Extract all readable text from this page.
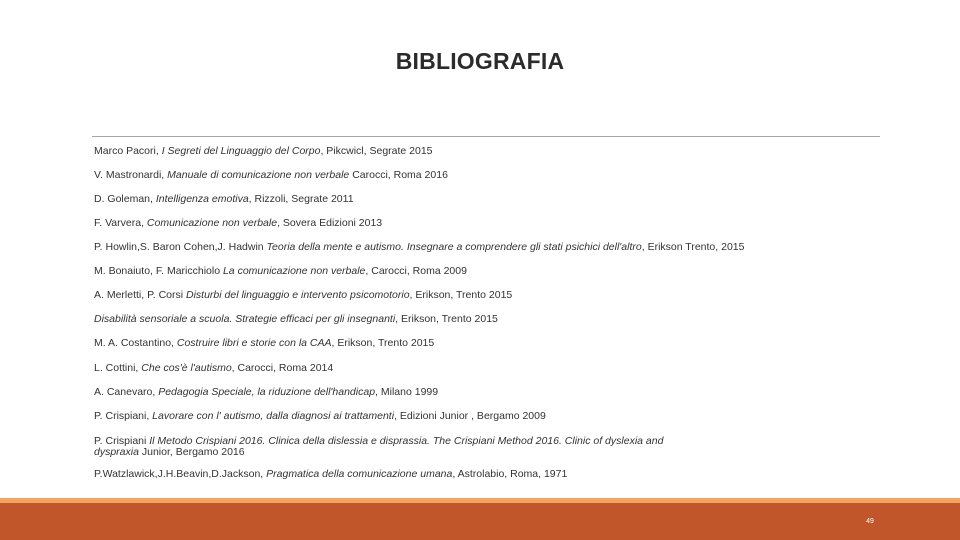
BIBLIOGRAFIA
Marco Pacori, I Segreti del Linguaggio del Corpo, Pikcwicl, Segrate 2015
V. Mastronardi, Manuale di comunicazione non verbale Carocci, Roma 2016
D. Goleman, Intelligenza emotiva, Rizzoli, Segrate 2011
F. Varvera, Comunicazione non verbale, Sovera Edizioni 2013
P. Howlin,S. Baron Cohen,J. Hadwin Teoria della mente e autismo. Insegnare a comprendere gli stati psichici dell'altro, Erikson Trento, 2015
M. Bonaiuto, F. Maricchiolo La comunicazione non verbale, Carocci, Roma 2009
A. Merletti, P. Corsi Disturbi del linguaggio e intervento psicomotorio, Erikson, Trento 2015
Disabilità sensoriale a scuola. Strategie efficaci per gli insegnanti, Erikson, Trento 2015
M. A. Costantino, Costruire libri e storie con la CAA, Erikson, Trento 2015
L. Cottini, Che cos'è l'autismo, Carocci, Roma 2014
A. Canevaro, Pedagogia Speciale, la riduzione dell'handicap, Milano 1999
P. Crispiani, Lavorare con l' autismo, dalla diagnosi ai trattamenti, Edizioni Junior , Bergamo 2009
P. Crispiani Il Metodo Crispiani 2016. Clinica della dislessia e disprassia. The Crispiani Method 2016. Clinic of dyslexia and dyspraxia Junior, Bergamo 2016
P.Watzlawick,J.H.Beavin,D.Jackson, Pragmatica della comunicazione umana, Astrolabio, Roma, 1971
49
